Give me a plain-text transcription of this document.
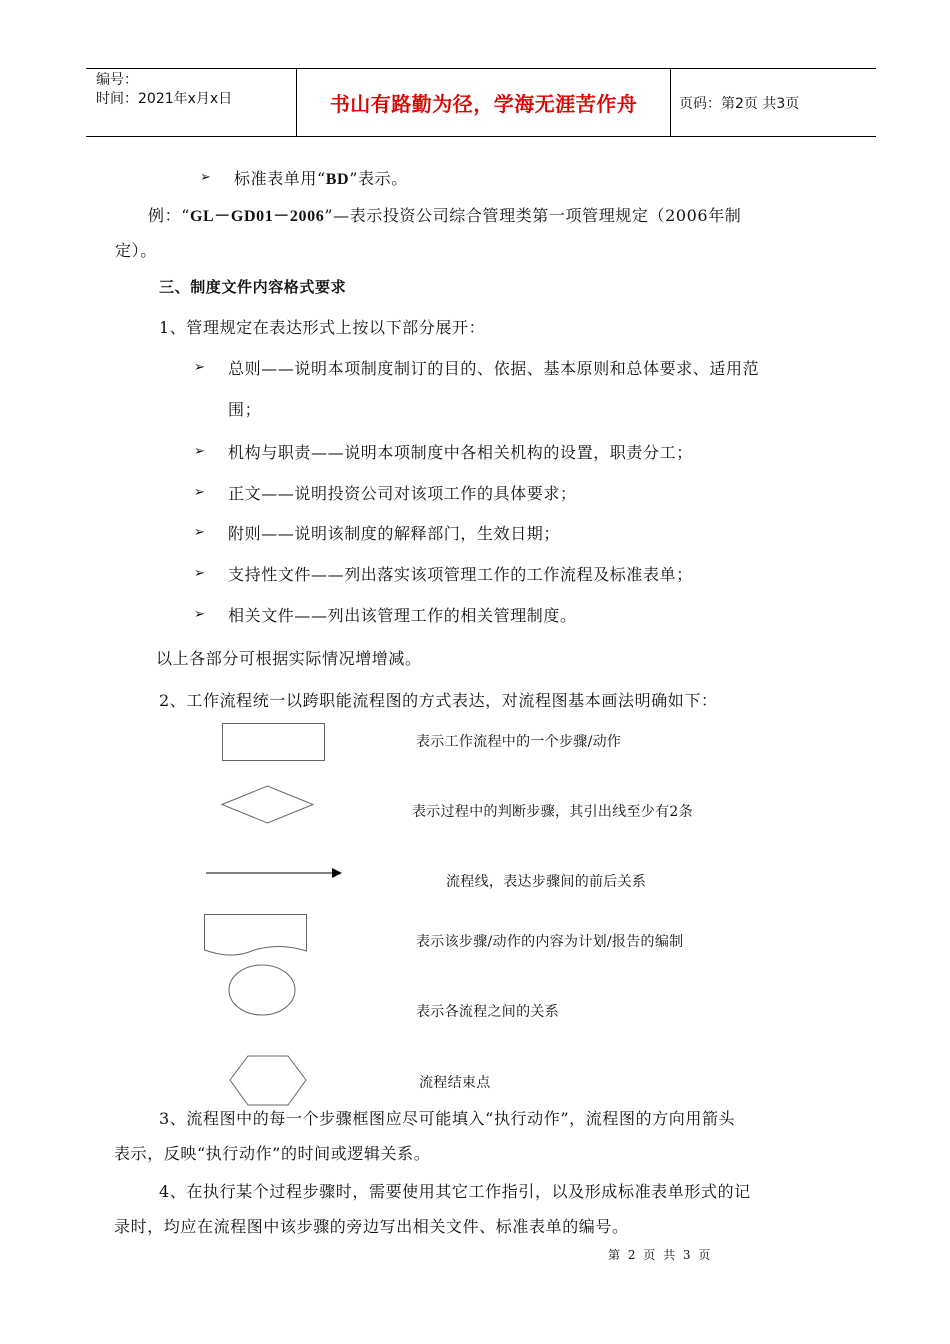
编号：
时间：2021年x月x日	书山有路勤为径，学海无涯苦作舟	页码：第2页 共3页
➢ 标准表单用“BD”表示。
例：“GL－GD01－2006”—表示投资公司综合管理类第一项管理规定（2006年制
定）。
三、制度文件内容格式要求
1、管理规定在表达形式上按以下部分展开：
➢ 总则——说明本项制度制订的目的、依据、基本原则和总体要求、适用范
围；
➢ 机构与职责——说明本项制度中各相关机构的设置，职责分工；
➢ 正文——说明投资公司对该项工作的具体要求；
➢ 附则——说明该制度的解释部门，生效日期；
➢ 支持性文件——列出落实该项管理工作的工作流程及标准表单；
➢ 相关文件——列出该管理工作的相关管理制度。
以上各部分可根据实际情况增增减。
2、工作流程统一以跨职能流程图的方式表达，对流程图基本画法明确如下：
表示工作流程中的一个步骤/动作
表示过程中的判断步骤，其引出线至少有2条
流程线，表达步骤间的前后关系
表示该步骤/动作的内容为计划/报告的编制
表示各流程之间的关系
流程结束点
3、流程图中的每一个步骤框图应尽可能填入“执行动作”，流程图的方向用箭头
表示，反映“执行动作”的时间或逻辑关系。
4、在执行某个过程步骤时，需要使用其它工作指引，以及形成标准表单形式的记
录时，均应在流程图中该步骤的旁边写出相关文件、标准表单的编号。
第 2 页 共 3 页
